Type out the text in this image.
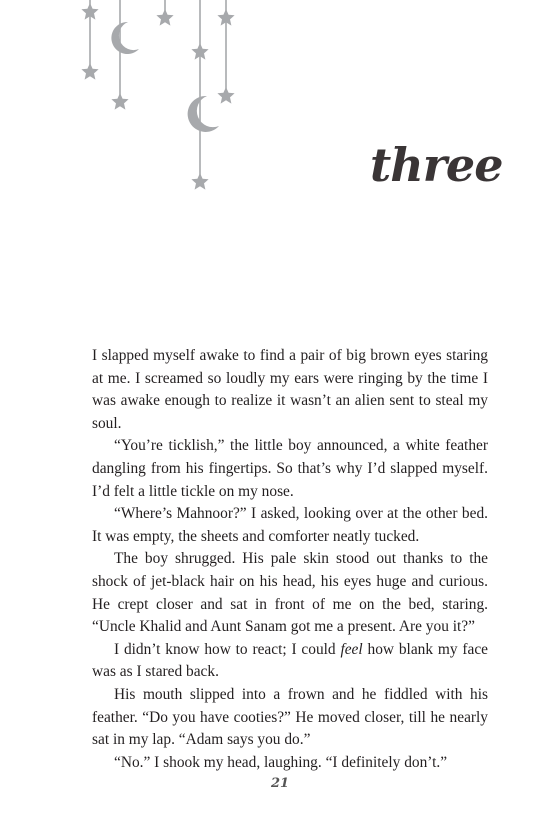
three

I slapped myself awake to find a pair of big brown eyes staring at me. I screamed so loudly my ears were ringing by the time I was awake enough to realize it wasn’t an alien sent to steal my soul.

“You’re ticklish,” the little boy announced, a white feather dangling from his fingertips. So that’s why I’d slapped myself. I’d felt a little tickle on my nose.

“Where’s Mahnoor?” I asked, looking over at the other bed. It was empty, the sheets and comforter neatly tucked.

The boy shrugged. His pale skin stood out thanks to the shock of jet-black hair on his head, his eyes huge and curious. He crept closer and sat in front of me on the bed, staring. “Uncle Khalid and Aunt Sanam got me a present. Are you it?”

I didn’t know how to react; I could feel how blank my face was as I stared back.

His mouth slipped into a frown and he fiddled with his feather. “Do you have cooties?” He moved closer, till he nearly sat in my lap. “Adam says you do.”

“No.” I shook my head, laughing. “I definitely don’t.”

21
